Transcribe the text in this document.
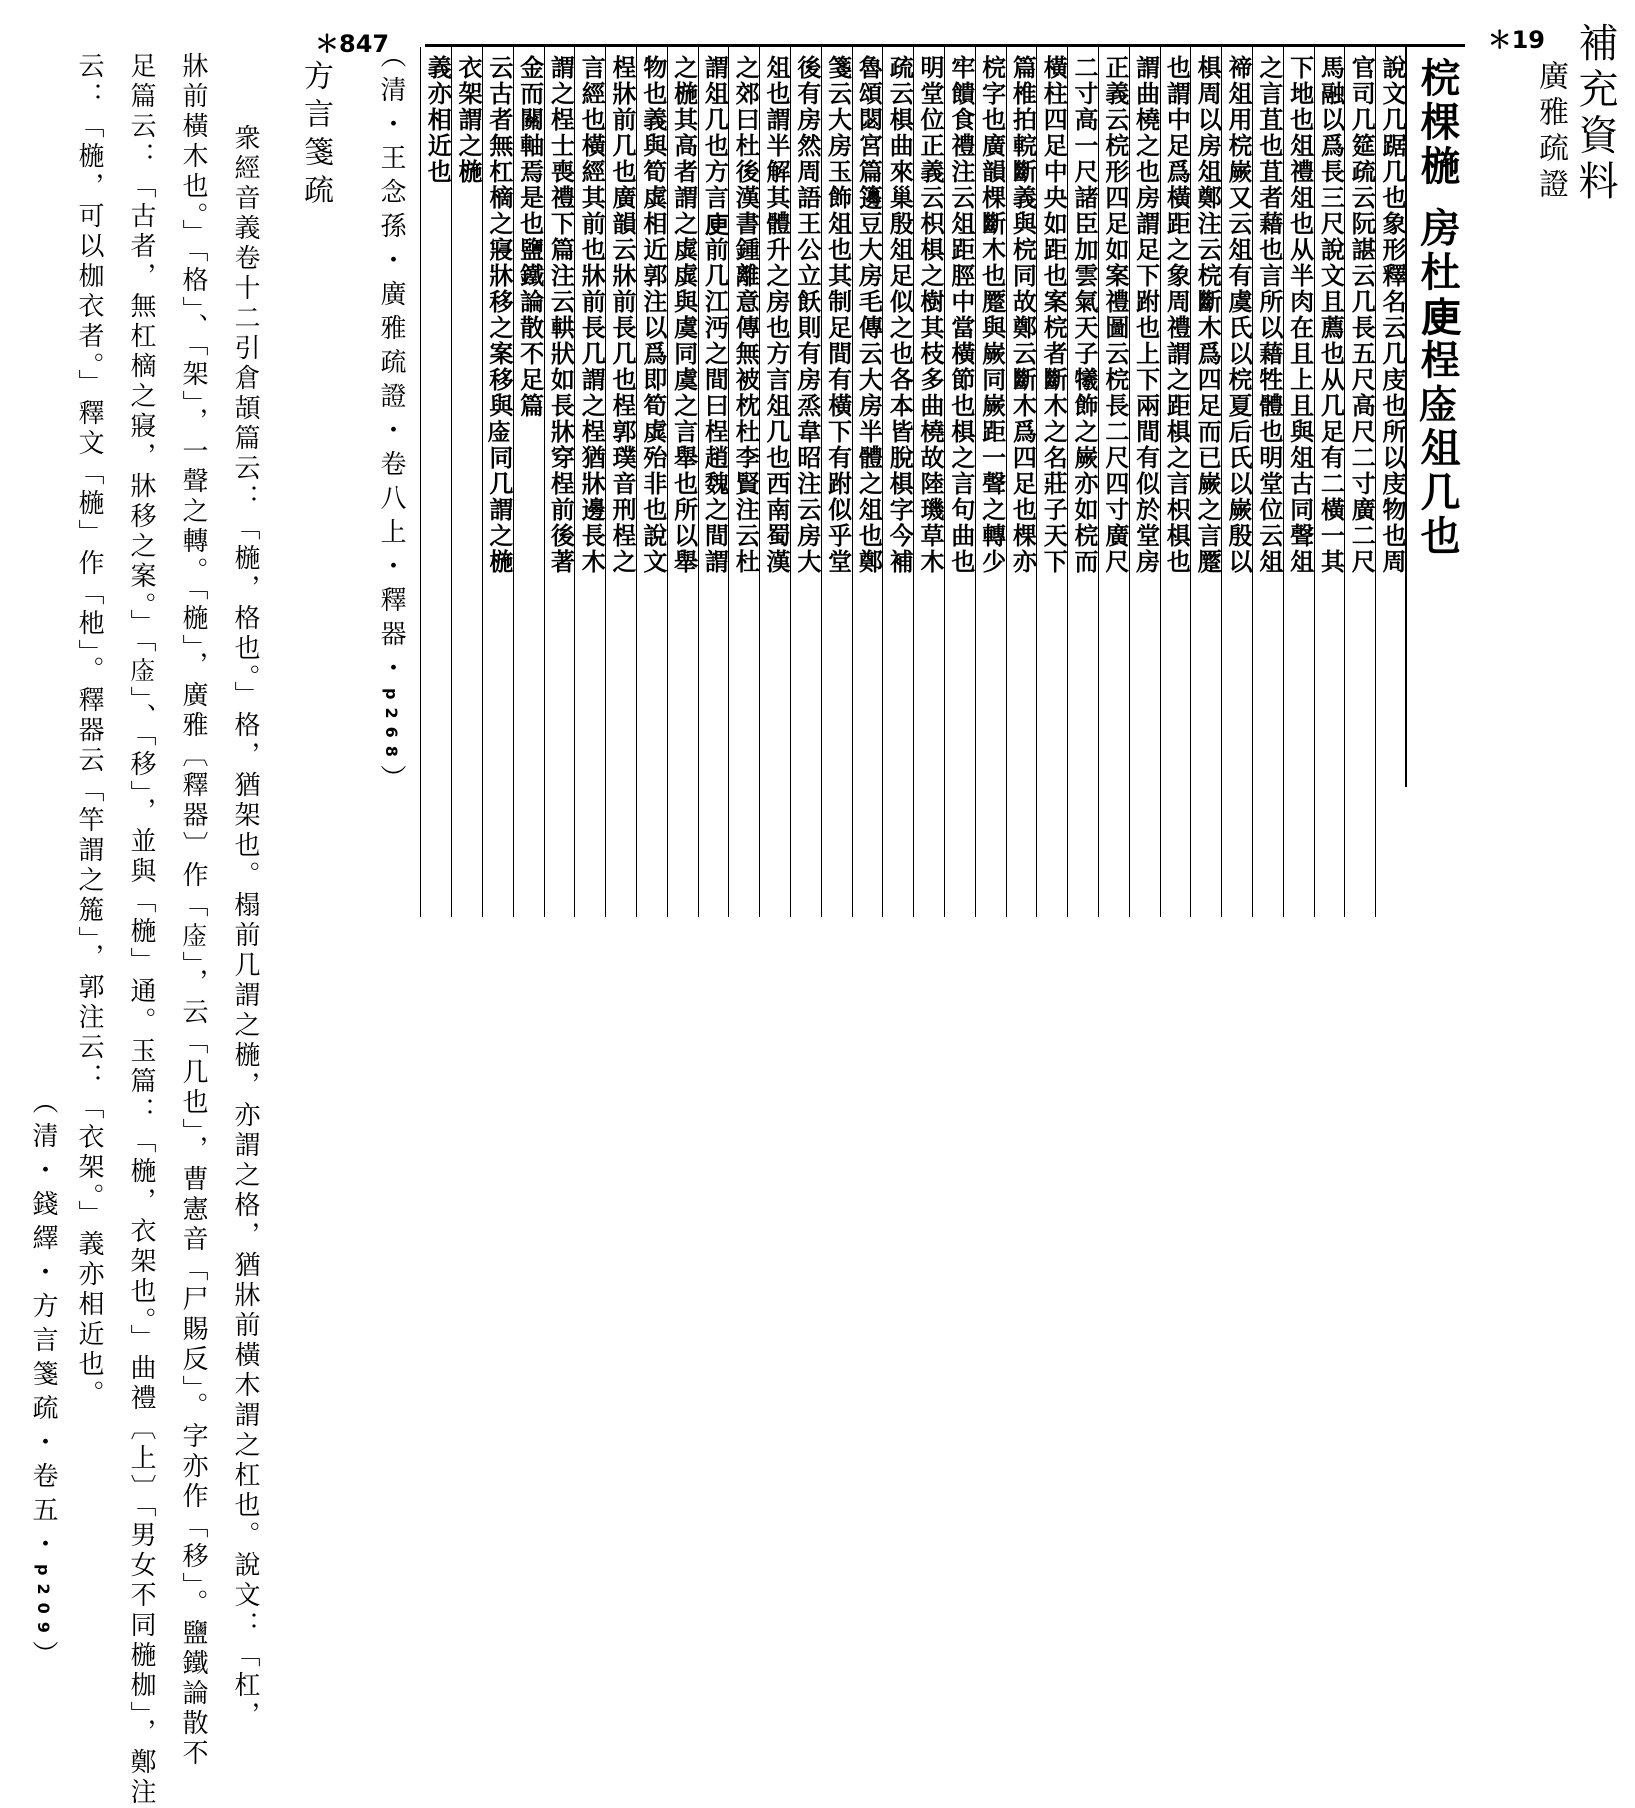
補充資料
廣雅疏證
＊19
梡棵椸 房杜𢈔桯𢉅俎几也
說文几踞几也象形釋名云几庋也所以庋物也周
官司几筵疏云阮諶云几長五尺高尺二寸廣二尺
馬融以爲長三尺說文且薦也从几足有二橫一其
下地也俎禮俎也从半肉在且上且與俎古同聲俎
之言苴也苴者藉也言所以藉牲體也明堂位云俎
禘俎用梡嶡又云俎有虞氏以梡夏后氏以嶡殷以
椇周以房俎鄭注云梡斷木爲四足而已嶡之言蹷
也謂中足爲橫距之象周禮謂之距椇之言枳椇也
謂曲橈之也房謂足下跗也上下兩間有似於堂房
正義云梡形四足如案禮圖云梡長二尺四寸廣尺
二寸高一尺諸臣加雲氣天子犧飾之嶡亦如梡而
橫柱四足中央如距也案梡者斷木之名莊子天下
篇椎拍輐斷義與梡同故鄭云斷木爲四足也棵亦
梡字也廣韻棵斷木也蹷與嶡同嶡距一聲之轉少
牢饋食禮注云俎距脛中當橫節也椇之言句曲也
明堂位正義云枳椇之樹其枝多曲橈故陸璣草木
疏云椇曲來巢殷俎足似之也各本皆脫椇字今補
魯頌閟宮篇籩豆大房毛傳云大房半體之俎也鄭
箋云大房玉飾俎也其制足間有橫下有跗似乎堂
後有房然周語王公立飫則有房烝韋昭注云房大
俎也謂半解其體升之房也方言俎几也西南蜀漢
之郊曰杜後漢書鍾離意傳無被枕杜李賢注云杜
謂俎几也方言𢈔前几江沔之間曰桯趙魏之間謂
之椸其高者謂之虡虡與虞同虞之言舉也所以舉
物也義與筍虡相近郭注以爲即筍虡殆非也說文
桯牀前几也廣韻云牀前長几也桯郭璞音刑桯之
言經也橫經其前也牀前長几謂之桯猶牀邊長木
謂之桯士喪禮下篇注云輁狀如長牀穿桯前後著
金而關軸焉是也鹽鐵論散不足篇
云古者無杠樀之寢牀移之案移與𢉅同几謂之椸
衣架謂之椸
義亦相近也
（清・王念孫・廣雅疏證・卷八上・釋器・p268）
＊847
方言箋疏
衆經音義卷十二引倉頡篇云：「椸，格也。」格，猶架也。榻前几謂之椸，亦謂之格，猶牀前橫木謂之杠也。說文：「杠，
牀前橫木也。」「格」、「架」，一聲之轉。「椸」，廣雅〔釋器〕作「𢉅」，云「几也」，曹憲音「尸賜反」。字亦作「移」。鹽鐵論散不
足篇云：「古者，無杠樀之寢，牀移之案。」「𢉅」、「移」，並與「椸」通。玉篇：「椸，衣架也。」曲禮〔上〕「男女不同椸枷」，鄭注
云：「椸，可以枷衣者。」釋文「椸」作「杝」。釋器云「竿謂之箷」，郭注云：「衣架。」義亦相近也。
（清・錢繹・方言箋疏・卷五・p209）
